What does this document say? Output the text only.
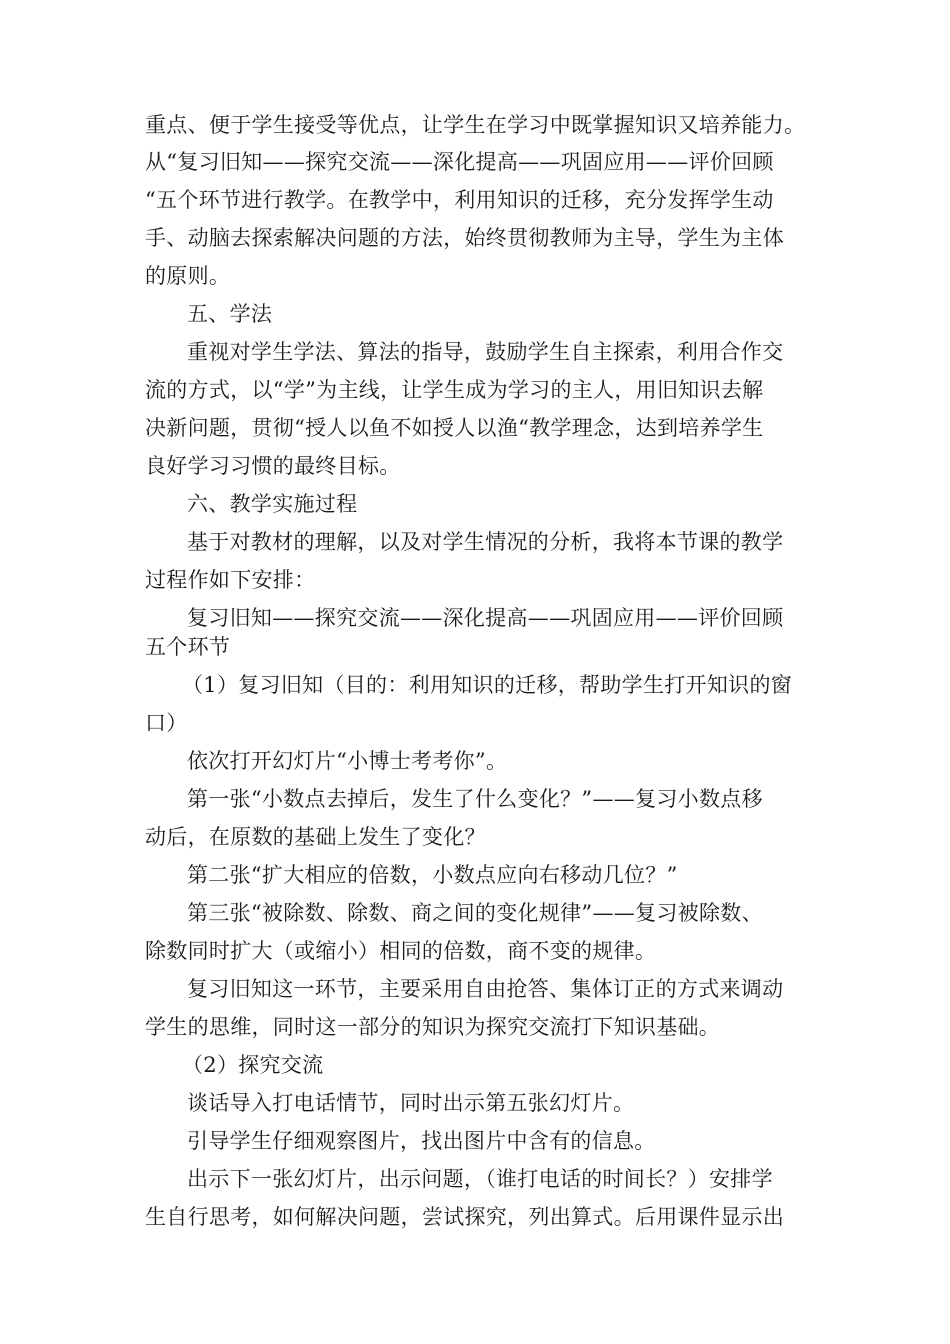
重点、便于学生接受等优点，让学生在学习中既掌握知识又培养能力。
从“复习旧知——探究交流——深化提高——巩固应用——评价回顾
“五个环节进行教学。在教学中，利用知识的迁移，充分发挥学生动
手、动脑去探索解决问题的方法，始终贯彻教师为主导，学生为主体
的原则。
五、学法
重视对学生学法、算法的指导，鼓励学生自主探索，利用合作交
流的方式，以“学”为主线，让学生成为学习的主人，用旧知识去解
决新问题，贯彻“授人以鱼不如授人以渔“教学理念，达到培养学生
良好学习习惯的最终目标。
六、教学实施过程
基于对教材的理解，以及对学生情况的分析，我将本节课的教学
过程作如下安排：
复习旧知——探究交流——深化提高——巩固应用——评价回顾
五个环节
（1）复习旧知（目的：利用知识的迁移，帮助学生打开知识的窗
口）
依次打开幻灯片“小博士考考你”。
第一张“小数点去掉后，发生了什么变化？”——复习小数点移
动后，在原数的基础上发生了变化？
第二张“扩大相应的倍数，小数点应向右移动几位？”
第三张“被除数、除数、商之间的变化规律”——复习被除数、
除数同时扩大（或缩小）相同的倍数，商不变的规律。
复习旧知这一环节，主要采用自由抢答、集体订正的方式来调动
学生的思维，同时这一部分的知识为探究交流打下知识基础。
（2）探究交流
谈话导入打电话情节，同时出示第五张幻灯片。
引导学生仔细观察图片，找出图片中含有的信息。
出示下一张幻灯片，出示问题，（谁打电话的时间长？）安排学
生自行思考，如何解决问题，尝试探究，列出算式。后用课件显示出
